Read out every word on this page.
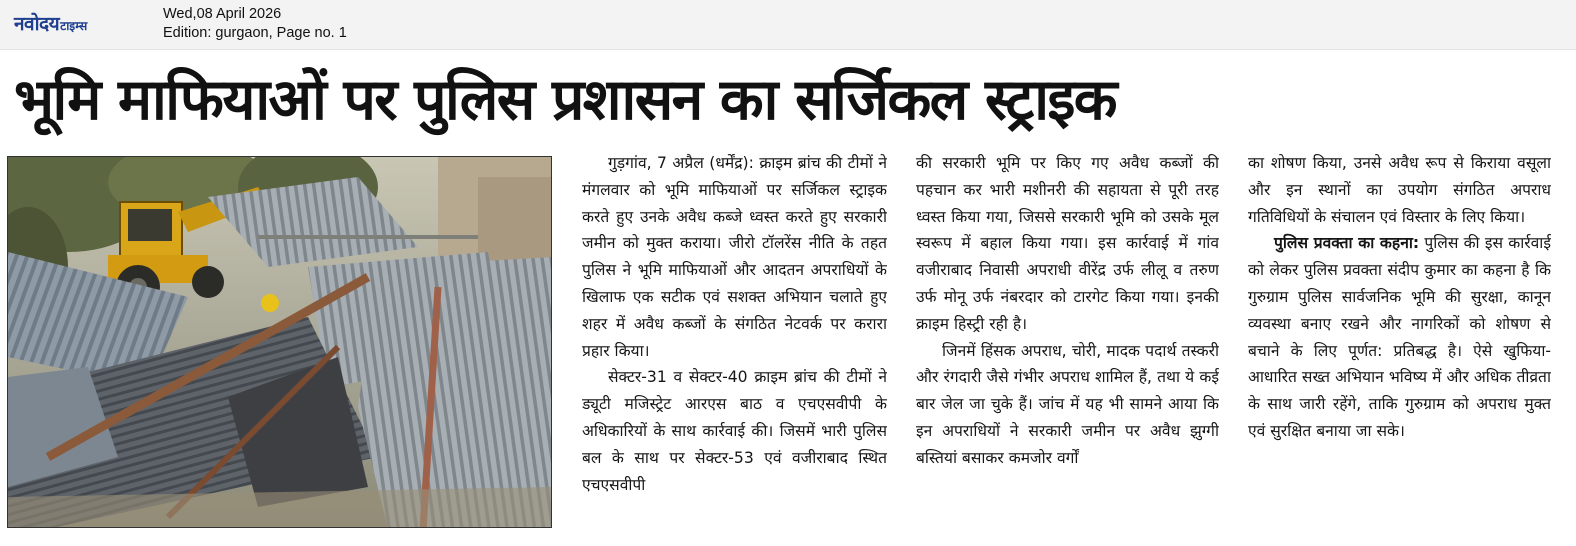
नवोदय टाइम्स
Wed,08 April 2026
Edition: gurgaon, Page no. 1
भूमि माफियाओं पर पुलिस प्रशासन का सर्जिकल स्ट्राइक

गुड़गांव, 7 अप्रैल (धर्मेंद्र): क्राइम ब्रांच की टीमों ने मंगलवार को भूमि माफियाओं पर सर्जिकल स्ट्राइक करते हुए उनके अवैध कब्जे ध्वस्त करते हुए सरकारी जमीन को मुक्त कराया। जीरो टॉलरेंस नीति के तहत पुलिस ने भूमि माफियाओं और आदतन अपराधियों के खिलाफ एक सटीक एवं सशक्त अभियान चलाते हुए शहर में अवैध कब्जों के संगठित नेटवर्क पर करारा प्रहार किया।

सेक्टर-31 व सेक्टर-40 क्राइम ब्रांच की टीमों ने ड्यूटी मजिस्ट्रेट आरएस बाठ व एचएसवीपी के अधिकारियों के साथ कार्रवाई की। जिसमें भारी पुलिस बल के साथ पर सेक्टर-53 एवं वजीराबाद स्थित एचएसवीपी

की सरकारी भूमि पर किए गए अवैध कब्जों की पहचान कर भारी मशीनरी की सहायता से पूरी तरह ध्वस्त किया गया, जिससे सरकारी भूमि को उसके मूल स्वरूप में बहाल किया गया। इस कार्रवाई में गांव वजीराबाद निवासी अपराधी वीरेंद्र उर्फ लीलू व तरुण उर्फ मोनू उर्फ नंबरदार को टारगेट किया गया। इनकी क्राइम हिस्ट्री रही है।

जिनमें हिंसक अपराध, चोरी, मादक पदार्थ तस्करी और रंगदारी जैसे गंभीर अपराध शामिल हैं, तथा ये कई बार जेल जा चुके हैं। जांच में यह भी सामने आया कि इन अपराधियों ने सरकारी जमीन पर अवैध झुग्गी बस्तियां बसाकर कमजोर वर्गों

का शोषण किया, उनसे अवैध रूप से किराया वसूला और इन स्थानों का उपयोग संगठित अपराध गतिविधियों के संचालन एवं विस्तार के लिए किया।

पुलिस प्रवक्ता का कहना: पुलिस की इस कार्रवाई को लेकर पुलिस प्रवक्ता संदीप कुमार का कहना है कि गुरुग्राम पुलिस सार्वजनिक भूमि की सुरक्षा, कानून व्यवस्था बनाए रखने और नागरिकों को शोषण से बचाने के लिए पूर्णत: प्रतिबद्ध है। ऐसे खुफिया-आधारित सख्त अभियान भविष्य में और अधिक तीव्रता के साथ जारी रहेंगे, ताकि गुरुग्राम को अपराध मुक्त एवं सुरक्षित बनाया जा सके।
